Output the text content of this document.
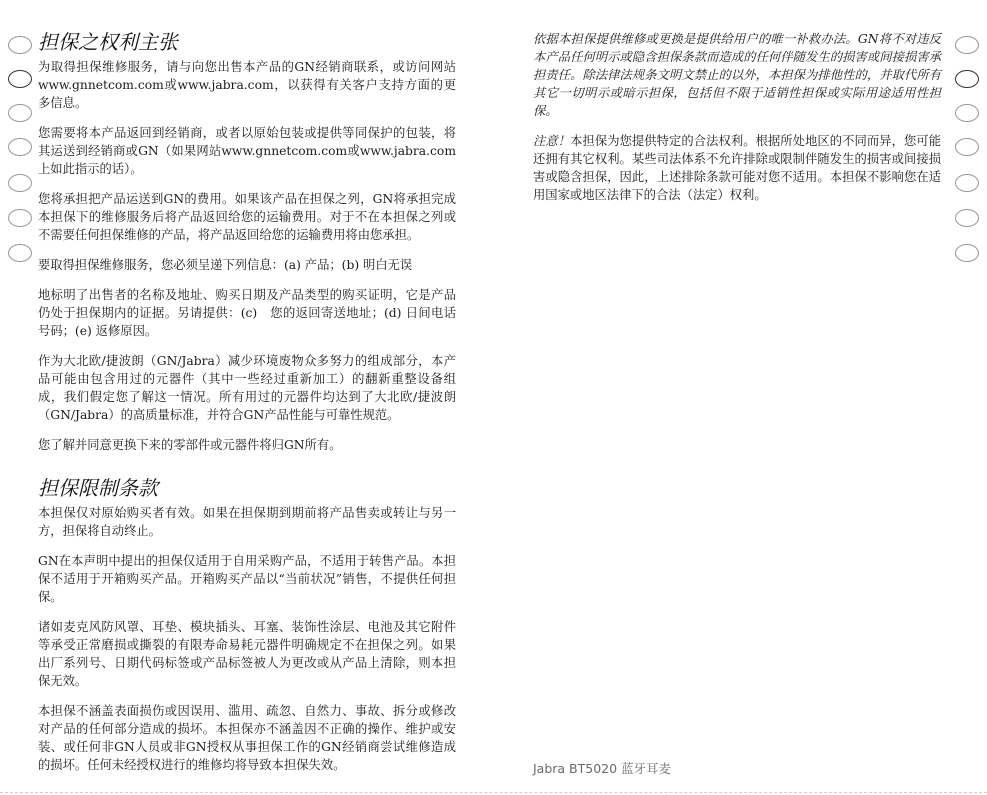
担保之权利主张

为取得担保维修服务，请与向您出售本产品的GN经销商联系，或访问网站www.gnnetcom.com或www.jabra.com，以获得有关客户支持方面的更多信息。

您需要将本产品返回到经销商，或者以原始包装或提供等同保护的包装，将其运送到经销商或GN（如果网站www.gnnetcom.com或www.jabra.com上如此指示的话）。

您将承担把产品运送到GN的费用。如果该产品在担保之列，GN将承担完成本担保下的维修服务后将产品返回给您的运输费用。对于不在本担保之列或不需要任何担保维修的产品，将产品返回给您的运输费用将由您承担。

要取得担保维修服务，您必须呈递下列信息：(a) 产品；(b) 明白无误

地标明了出售者的名称及地址、购买日期及产品类型的购买证明，它是产品仍处于担保期内的证据。另请提供：(c)　您的返回寄送地址；(d) 日间电话号码；(e) 返修原因。

作为大北欧/捷波朗（GN/Jabra）减少环境废物众多努力的组成部分，本产品可能由包含用过的元器件（其中一些经过重新加工）的翻新重整设备组成，我们假定您了解这一情况。所有用过的元器件均达到了大北欧/捷波朗（GN/Jabra）的高质量标准，并符合GN产品性能与可靠性规范。

您了解并同意更换下来的零部件或元器件将归GN所有。

担保限制条款

本担保仅对原始购买者有效。如果在担保期到期前将产品售卖或转让与另一方，担保将自动终止。

GN在本声明中提出的担保仅适用于自用采购产品，不适用于转售产品。本担保不适用于开箱购买产品。开箱购买产品以“当前状况”销售，不提供任何担保。

诸如麦克风防风罩、耳垫、模块插头、耳塞、装饰性涂层、电池及其它附件等承受正常磨损或撕裂的有限寿命易耗元器件明确规定不在担保之列。如果出厂系列号、日期代码标签或产品标签被人为更改或从产品上清除，则本担保无效。

本担保不涵盖表面损伤或因误用、滥用、疏忽、自然力、事故、拆分或修改对产品的任何部分造成的损坏。本担保亦不涵盖因不正确的操作、维护或安装、或任何非GN人员或非GN授权从事担保工作的GN经销商尝试维修造成的损坏。任何未经授权进行的维修均将导致本担保失效。

依据本担保提供维修或更换是提供给用户的唯一补救办法。GN将不对违反本产品任何明示或隐含担保条款而造成的任何伴随发生的损害或间接损害承担责任。除法律法规条文明文禁止的以外，本担保为排他性的，并取代所有其它一切明示或暗示担保，包括但不限于适销性担保或实际用途适用性担保。

注意！本担保为您提供特定的合法权利。根据所处地区的不同而异，您可能还拥有其它权利。某些司法体系不允许排除或限制伴随发生的损害或间接损害或隐含担保，因此，上述排除条款可能对您不适用。本担保不影响您在适用国家或地区法律下的合法（法定）权利。

Jabra BT5020 蓝牙耳麦
